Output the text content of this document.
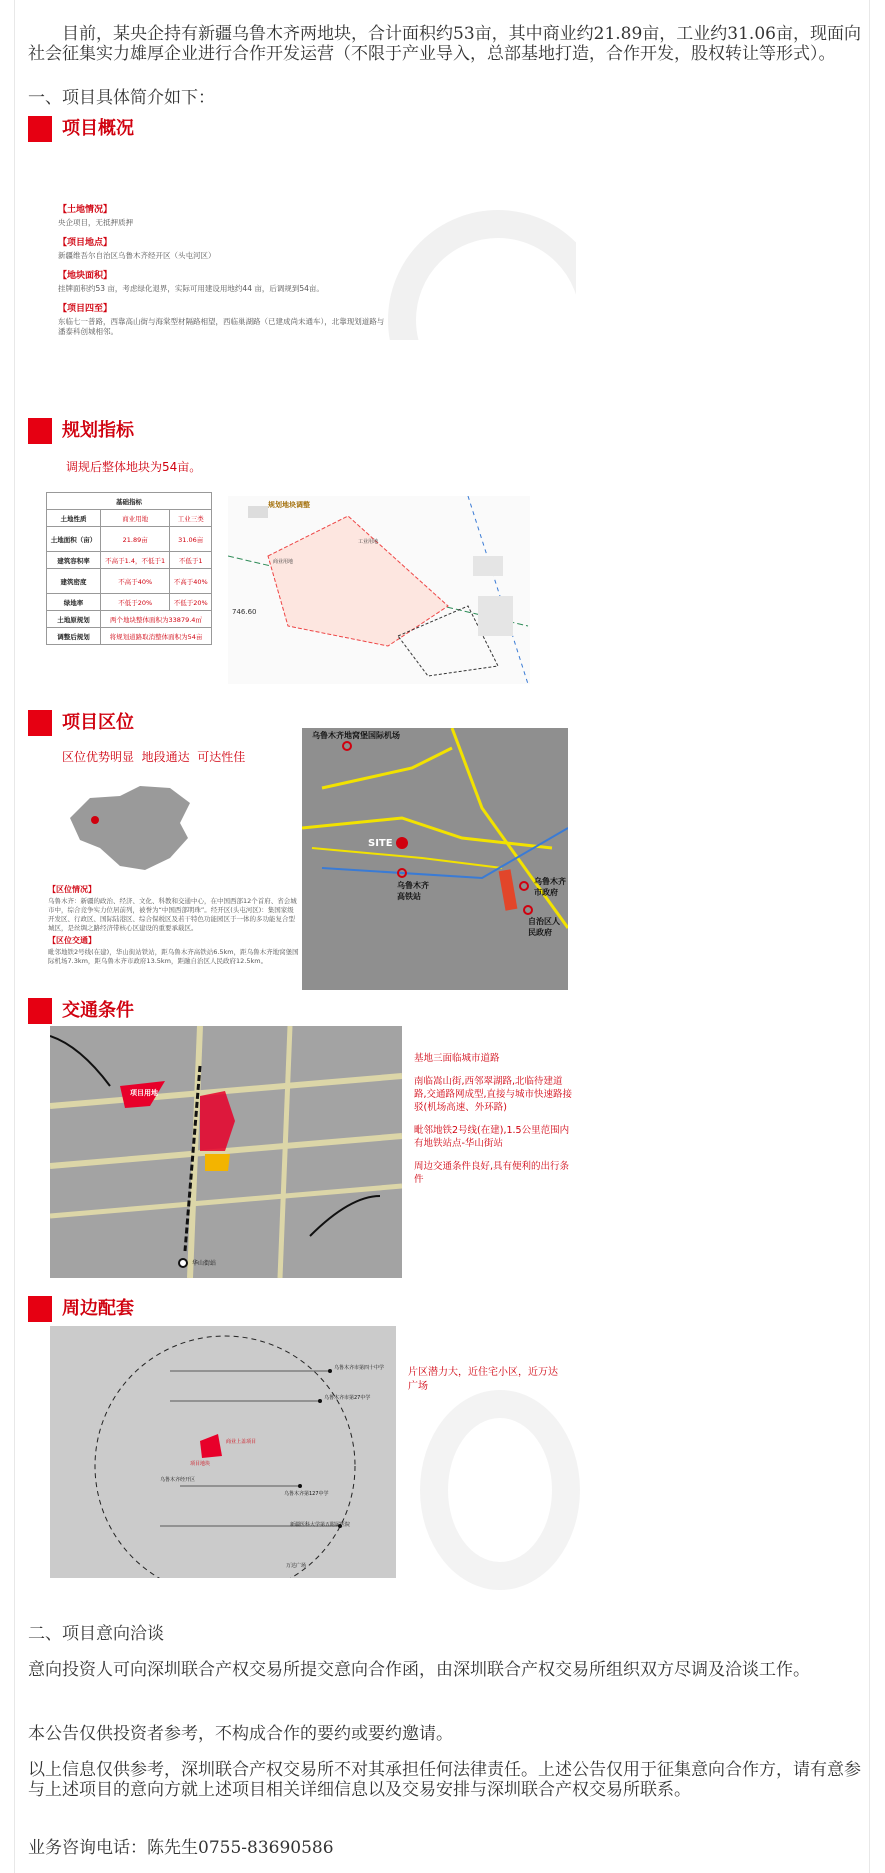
目前，某央企持有新疆乌鲁木齐两地块，合计面积约53亩，其中商业约21.89亩，工业约31.06亩，现面向社会征集实力雄厚企业进行合作开发运营（不限于产业导入，总部基地打造，合作开发，股权转让等形式）。
一、项目具体简介如下：
项目概况
【土地情况】
央企项目，无抵押质押
【项目地点】
新疆维吾尔自治区乌鲁木齐经开区（头屯河区）
【地块面积】
挂牌面积约53 亩，考虑绿化退界，实际可用建设用地约44 亩，后调规到54亩。
【项目四至】
东临七一普路，西靠高山街与海棠型材隔路相望，西临巢湖路（已建成尚未通车），北靠现划道路与潘泰科创城相邻。
规划指标
调规后整体地块为54亩。
基础指标		
土地性质	商业用地	工业三类
土地面积（亩）	21.89亩	31.06亩
建筑容积率	不高于1.4，不低于1	不低于1
建筑密度	不高于40%	不高于40%
绿地率	不低于20%	不低于20%
土地原规划	两个地块整体面积为33879.4㎡	
调整后规划	将规划道路取消整体面积为54亩	
规划地块调整
商业用地
工业用地
746.60
项目区位
区位优势明显  地段通达  可达性佳
【区位情况】
乌鲁木齐：新疆的政治、经济、文化、科教和交通中心，在中国西部12个首府、省会城市中，综合竞争实力位居前列，被誉为“中国西部明珠”。经开区(头屯河区)：集国家级开发区、行政区、国际陆港区、综合保税区及若干特色功能园区于一体的多功能复合型城区，是丝绸之路经济带核心区建设的重要承载区。
【区位交通】
毗邻地铁2号线(在建)，华山街站铁站，距乌鲁木齐高铁站6.5km，距乌鲁木齐地窝堡国际机场7.3km，距乌鲁木齐市政府13.5km，距融自治区人民政府12.5km。
乌鲁木齐地窝堡国际机场
SITE
乌鲁木齐
高铁站
乌鲁木齐
市政府
自治区人
民政府
交通条件
项目用地
华山街站
基地三面临城市道路
南临嵩山街,西邻翠湖路,北临待建道路,交通路网成型,直接与城市快速路接驳(机场高速、外环路)
毗邻地铁2号线(在建),1.5公里范围内有地铁站点-华山街站
周边交通条件良好,具有便利的出行条件
周边配套
乌鲁木齐市第四十中学
万达广场
乌鲁木齐市第27中学
乌鲁木齐第127中学
新疆医科大学第五附属医院
项目地块
商业上盖项目
乌鲁木齐经开区
片区潜力大，近住宅小区，近万达广场
二、项目意向洽谈
意向投资人可向深圳联合产权交易所提交意向合作函，由深圳联合产权交易所组织双方尽调及洽谈工作。
本公告仅供投资者参考，不构成合作的要约或要约邀请。
以上信息仅供参考，深圳联合产权交易所不对其承担任何法律责任。上述公告仅用于征集意向合作方，请有意参与上述项目的意向方就上述项目相关详细信息以及交易安排与深圳联合产权交易所联系。
业务咨询电话：陈先生0755-83690586
